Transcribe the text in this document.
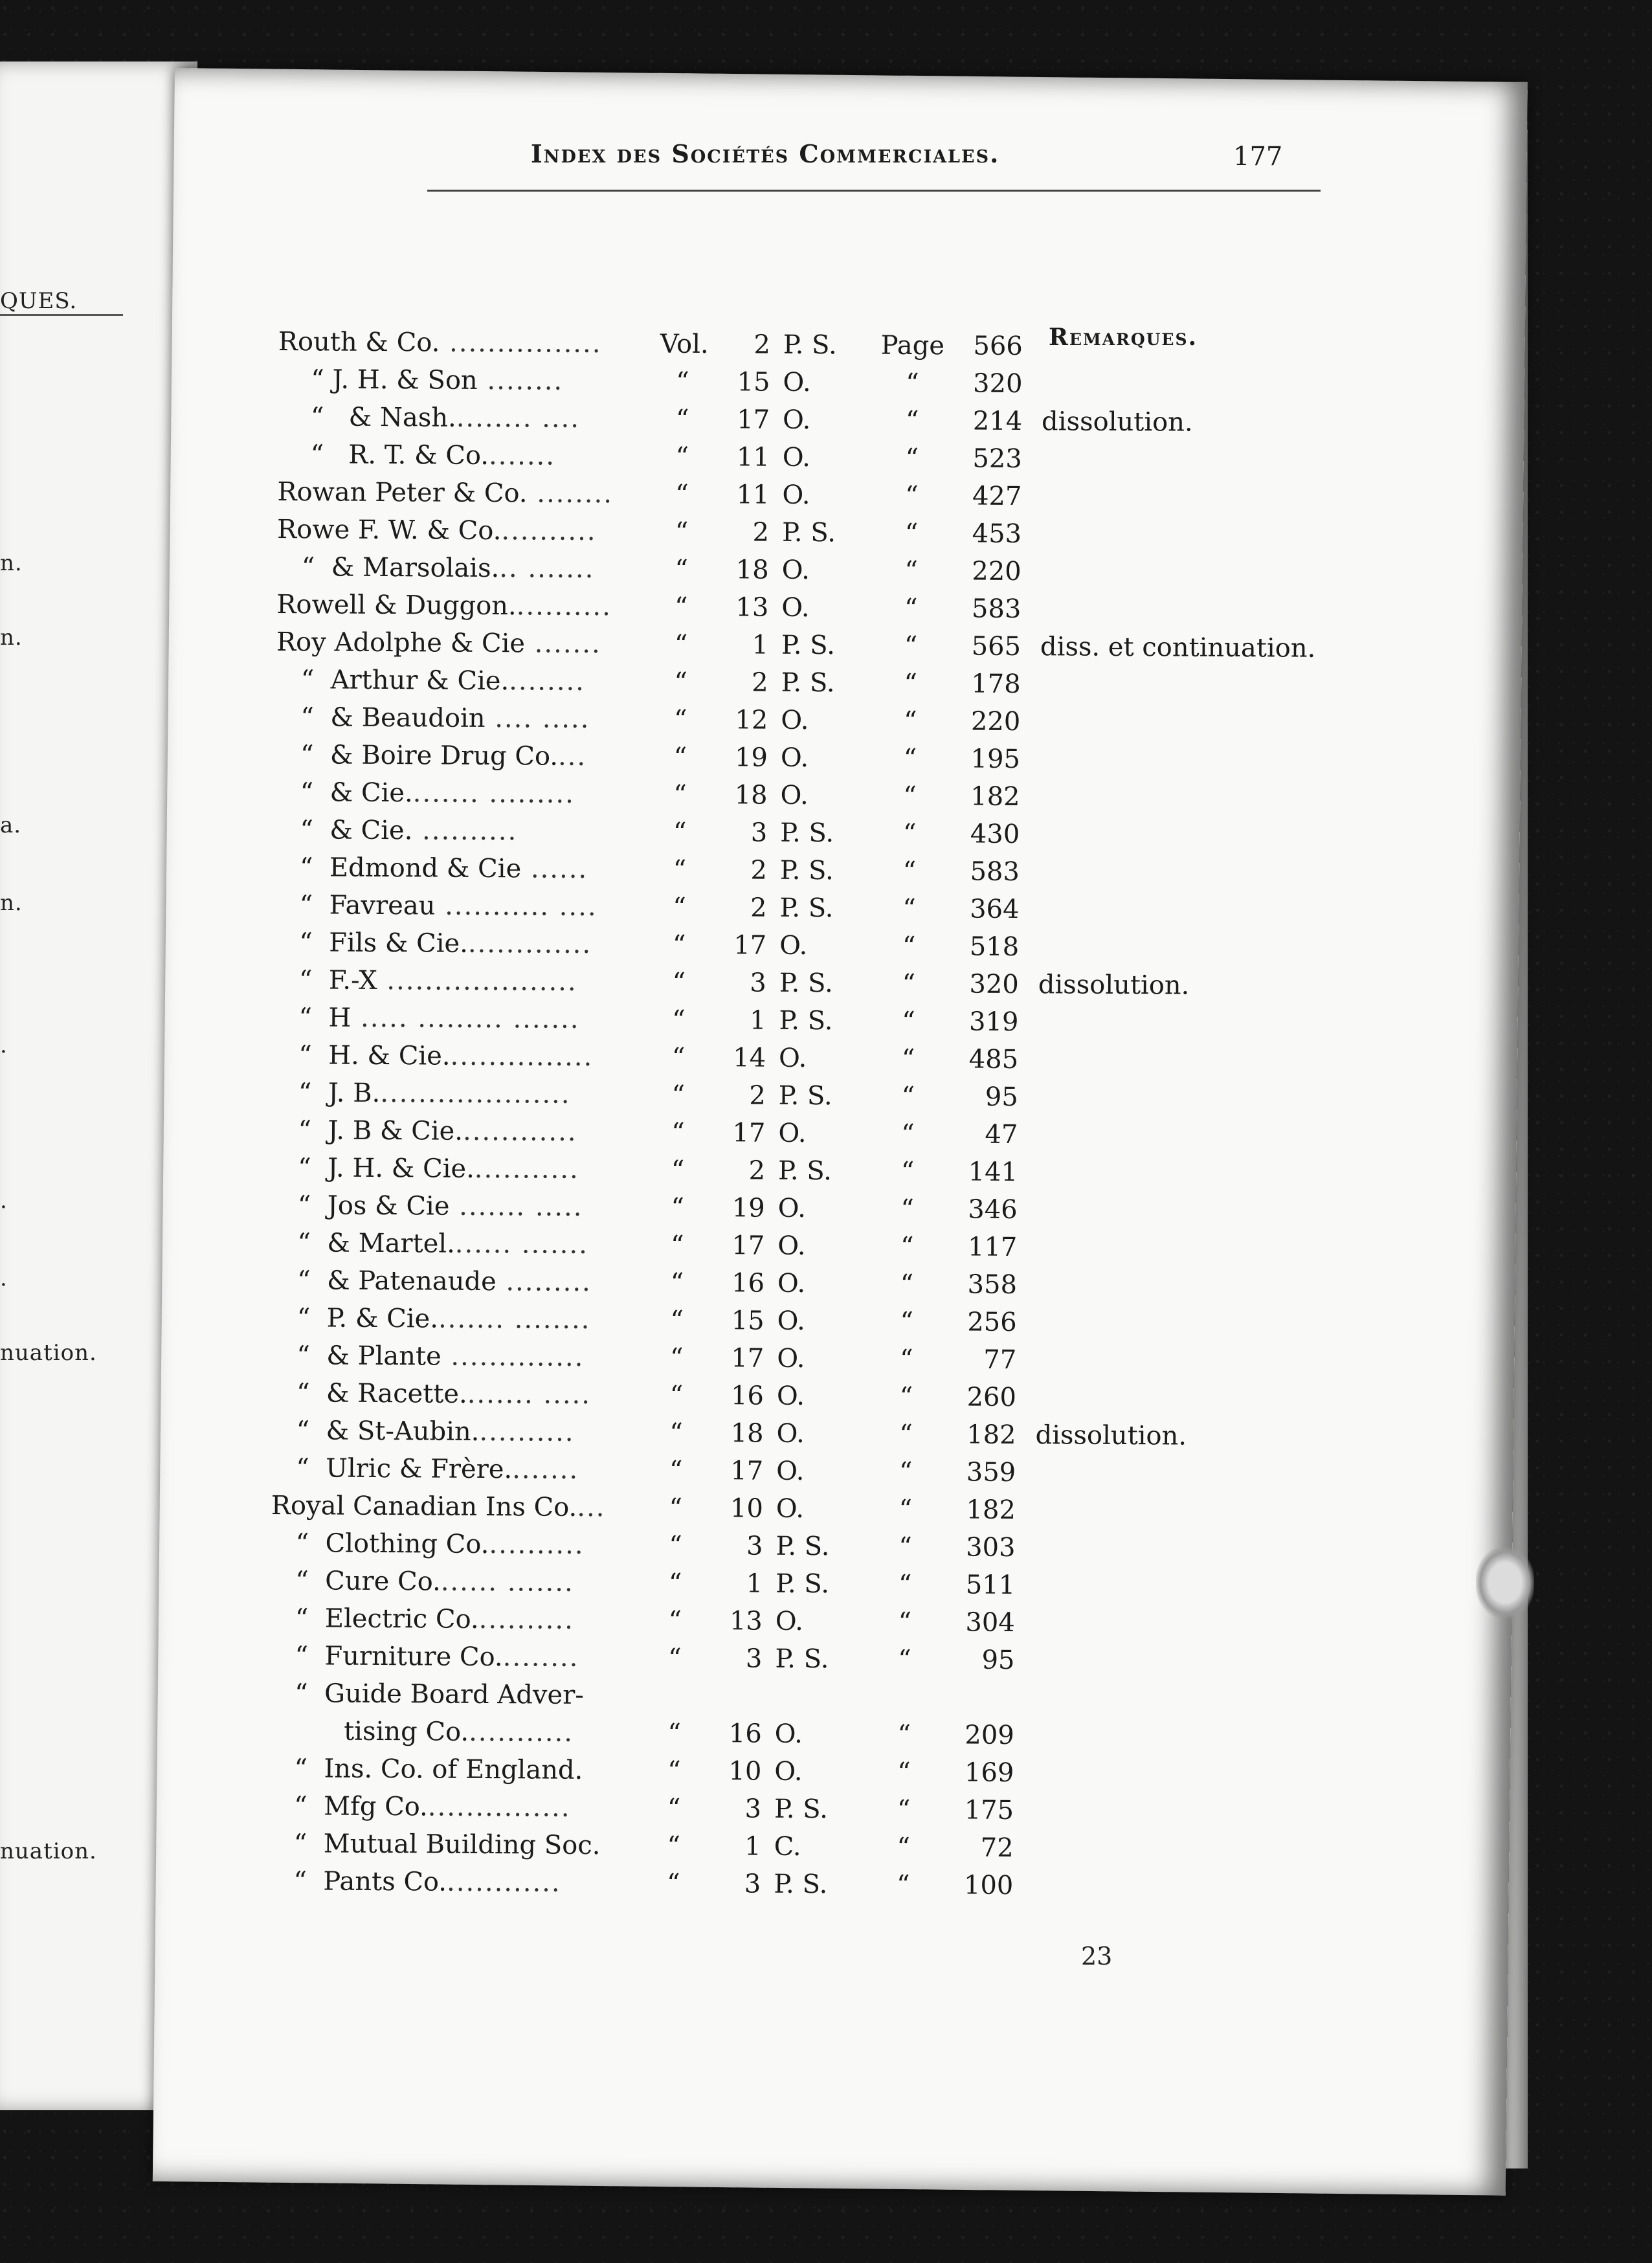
QUES.
n.
n.
a.
n.
.
.
.
nuation.
nuation.
Index des Sociétés Commerciales.	177
Remarques.
Routh & Co. ................	Vol.	2 P. S.	Page	566
“ J. H. & Son ........	“	15 O.	“	320
“   & Nash......... ....	“	17 O.	“	214 dissolution.
“   R. T. & Co........	“	11 O.	“	523
Rowan Peter & Co. ........	“	11 O.	“	427
Rowe F. W. & Co...........	“	2 P. S.	“	453
“  & Marsolais... .......	“	18 O.	“	220
Rowell & Duggon...........	“	13 O.	“	583
Roy Adolphe & Cie .......	“	1 P. S.	“	565 diss. et continuation.
“  Arthur & Cie.........	“	2 P. S.	“	178
“  & Beaudoin .... .....	“	12 O.	“	220
“  & Boire Drug Co....	“	19 O.	“	195
“  & Cie........ .........	“	18 O.	“	182
“  & Cie. ..........	“	3 P. S.	“	430
“  Edmond & Cie ......	“	2 P. S.	“	583
“  Favreau ........... ....	“	2 P. S.	“	364
“  Fils & Cie..............	“	17 O.	“	518
“  F.-X ....................	“	3 P. S.	“	320 dissolution.
“  H ..... ......... .......	“	1 P. S.	“	319
“  H. & Cie................	“	14 O.	“	485
“  J. B.....................	“	2 P. S.	“	95
“  J. B & Cie.............	“	17 O.	“	47
“  J. H. & Cie............	“	2 P. S.	“	141
“  Jos & Cie ....... .....	“	19 O.	“	346
“  & Martel....... .......	“	17 O.	“	117
“  & Patenaude .........	“	16 O.	“	358
“  P. & Cie........ ........	“	15 O.	“	256
“  & Plante ..............	“	17 O.	“	77
“  & Racette........ .....	“	16 O.	“	260
“  & St-Aubin...........	“	18 O.	“	182 dissolution.
“  Ulric & Frère........	“	17 O.	“	359
Royal Canadian Ins Co....	“	10 O.	“	182
“  Clothing Co...........	“	3 P. S.	“	303
“  Cure Co....... .......	“	1 P. S.	“	511
“  Electric Co...........	“	13 O.	“	304
“  Furniture Co.........	“	3 P. S.	“	95
“  Guide Board Adver-
tising Co............	“	16 O.	“	209
“  Ins. Co. of England.	“	10 O.	“	169
“  Mfg Co................	“	3 P. S.	“	175
“  Mutual Building Soc.	“	1 C.	“	72
“  Pants Co.............	“	3 P. S.	“	100
23
